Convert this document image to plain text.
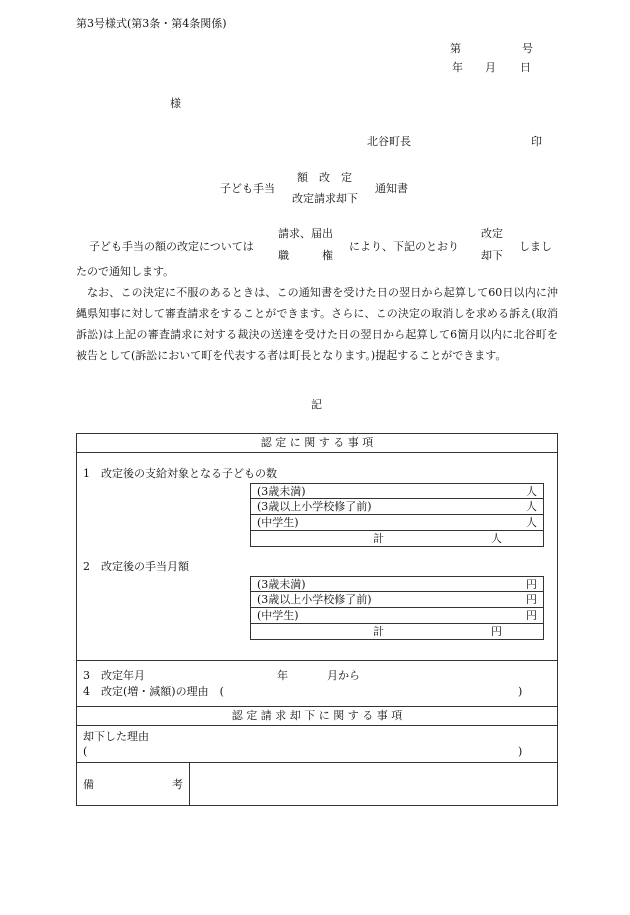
第3号様式(第3条・第4条関係)
第	号
年 月 日
様
北谷町長	印
子ども手当
額　改　定
改定請求却下
通知書
子ども手当の額の改定については
請求、届出
職　　　権
により、下記のとおり
改定
却下
しまし
たので通知します。

なお、この決定に不服のあるときは、この通知書を受けた日の翌日から起算して60日以内に沖縄県知事に対して審査請求をすることができます。さらに、この決定の取消しを求める訴え(取消訴訟)は上記の審査請求に対する裁決の送達を受けた日の翌日から起算して6箇月以内に北谷町を被告として(訴訟において町を代表する者は町長となります。)提起することができます。

記
認 定 に 関 す る 事 項
1　改定後の支給対象となる子どもの数
(3歳未満)	人
(3歳以上小学校修了前)	人
(中学生)	人
計	人
2　改定後の手当月額
(3歳未満)	円
(3歳以上小学校修了前)	円
(中学生)	円
計	円
3　改定年月	年	月から
4　改定(増・減額)の理由　(	)
認 定 請 求 却 下 に 関 す る 事 項
却下した理由
(	)
備	考
